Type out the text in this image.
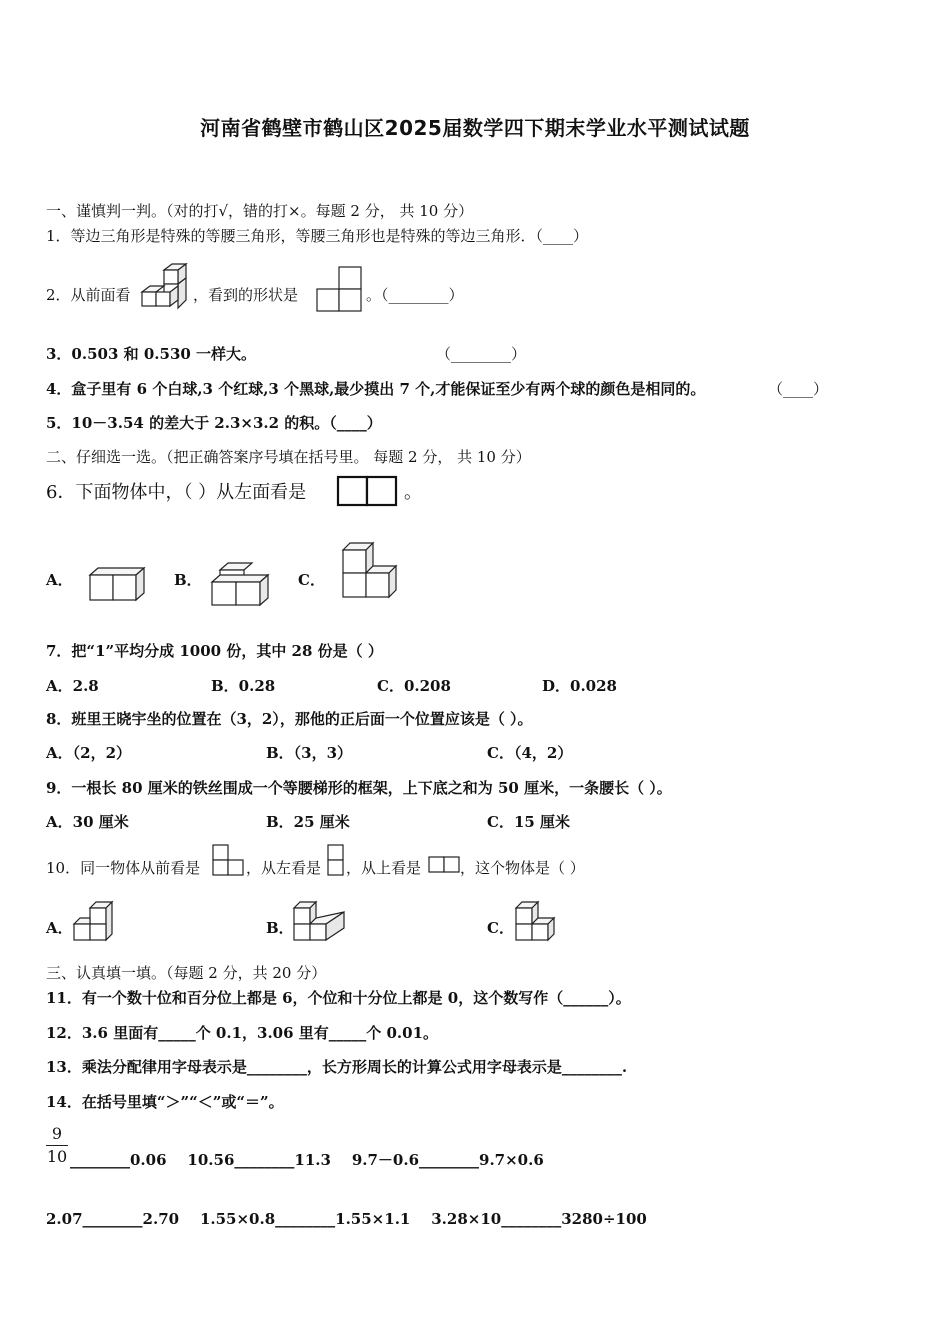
河南省鹤壁市鹤山区2025届数学四下期末学业水平测试试题
一、谨慎判一判。（对的打√，错的打×。每题 2 分， 共 10 分）
1．等边三角形是特殊的等腰三角形，等腰三角形也是特殊的等边三角形．（____）
2．从前面看	，看到的形状是	。（________）
3．0.503 和 0.530 一样大。	（________）
4．盒子里有 6 个白球,3 个红球,3 个黑球,最少摸出 7 个,才能保证至少有两个球的颜色是相同的。	（____）
5．10－3.54 的差大于 2.3×3.2 的积。（____）
二、仔细选一选。（把正确答案序号填在括号里。 每题 2 分， 共 10 分）
6．下面物体中，（ ）从左面看是	。
A．	B．	C．
7．把“1”平均分成 1000 份，其中 28 份是（ ）
A．2.8	B．0.28	C．0.208	D．0.028
8．班里王晓宇坐的位置在（3，2），那他的正后面一个位置应该是（ ）。
A．（2，2）	B．（3，3）	C．（4，2）
9．一根长 80 厘米的铁丝围成一个等腰梯形的框架，上下底之和为 50 厘米，一条腰长（ ）。
A．30 厘米	B．25 厘米	C．15 厘米
10．同一物体从前看是	，从左看是 ，从上看是	，这个物体是（ ）
A．	B．	C．
三、认真填一填。（每题 2 分，共 20 分）
11．有一个数十位和百分位上都是 6，个位和十分位上都是 0，这个数写作（______）。
12．3.6 里面有_____个 0.1，3.06 里有_____个 0.01。
13．乘法分配律用字母表示是________，长方形周长的计算公式用字母表示是________.
14．在括号里填“＞”“＜”或“＝”。
9
10 ________0.06    10.56________11.3    9.7－0.6________9.7×0.6
2.07________2.70    1.55×0.8________1.55×1.1    3.28×10________3280÷100
